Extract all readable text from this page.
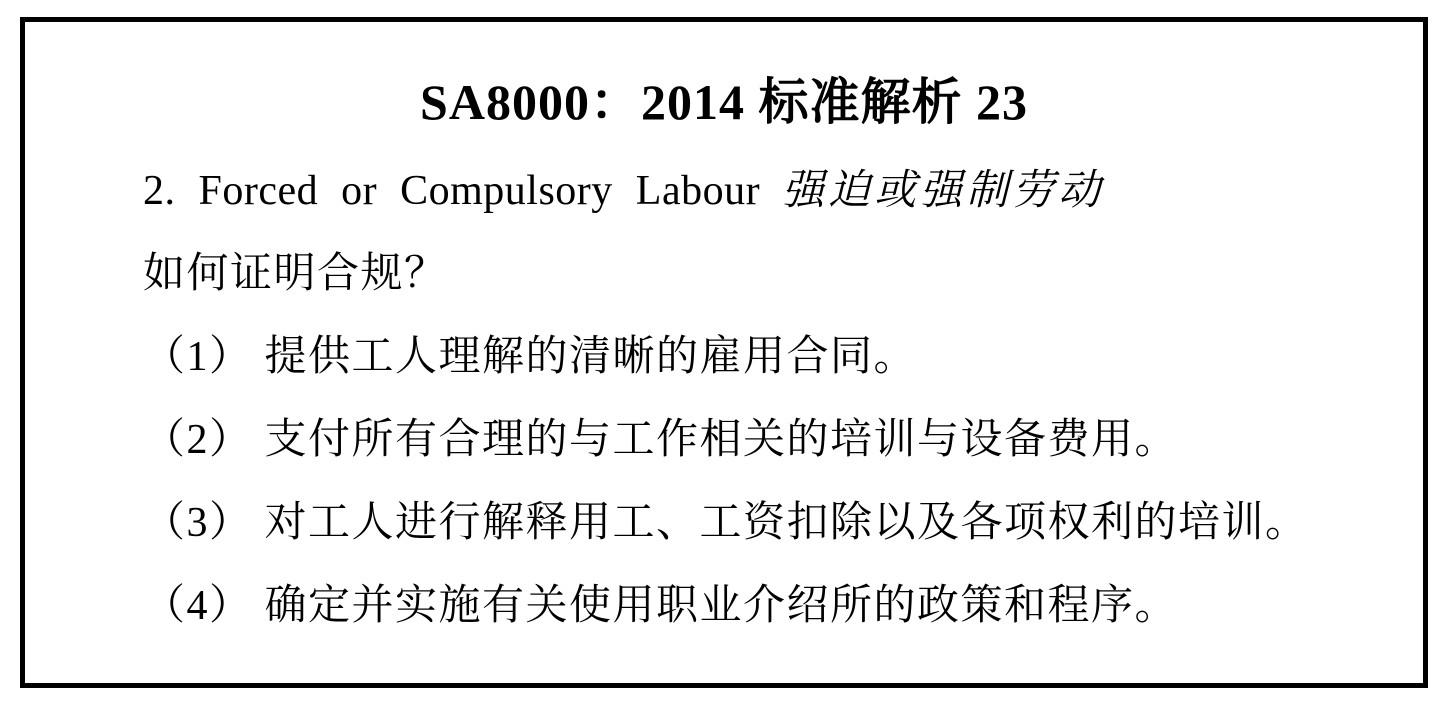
SA8000：2014 标准解析 23

2. Forced or Compulsory Labour 强迫或强制劳动

如何证明合规？

（1） 提供工人理解的清晰的雇用合同。

（2） 支付所有合理的与工作相关的培训与设备费用。

（3） 对工人进行解释用工、工资扣除以及各项权利的培训。

（4） 确定并实施有关使用职业介绍所的政策和程序。
